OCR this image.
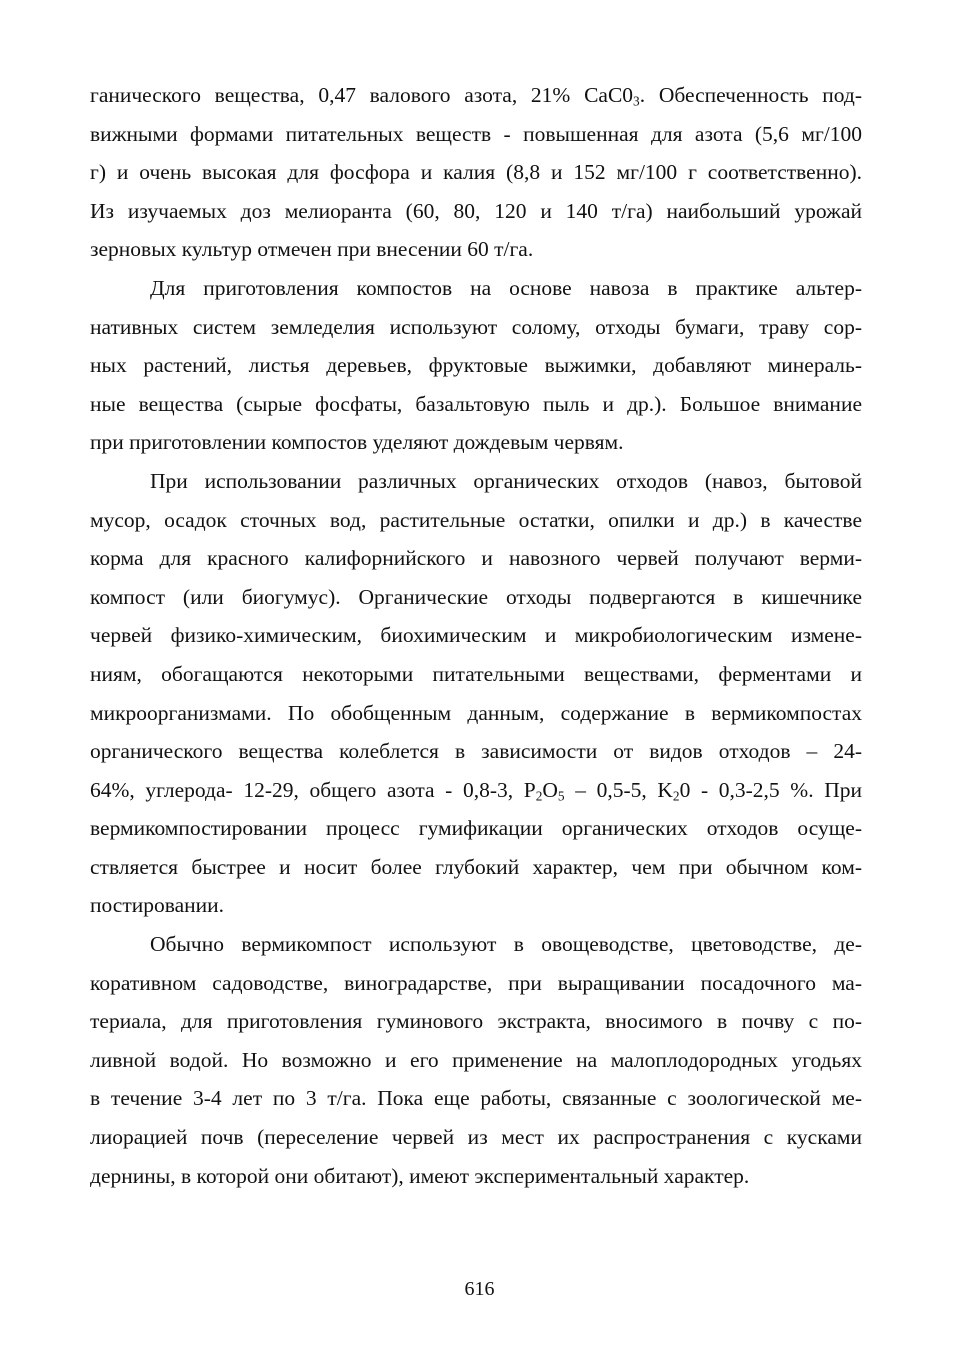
ганического вещества, 0,47 валового азота, 21% $CaC0_3$. Обеспеченность под-
вижными формами питательных веществ - повышенная для азота (5,6 мг/100
г) и очень высокая для фосфора и калия (8,8 и 152 мг/100 г соответственно).
Из изучаемых доз мелиоранта (60, 80, 120 и 140 т/га) наибольший урожай
зерновых культур отмечен при внесении 60 т/га.
Для приготовления компостов на основе навоза в практике альтер-
нативных систем земледелия используют солому, отходы бумаги, траву сор-
ных растений, листья деревьев, фруктовые выжимки, добавляют минераль-
ные вещества (сырые фосфаты, базальтовую пыль и др.). Большое внимание
при приготовлении компостов уделяют дождевым червям.
При использовании различных органических отходов (навоз, бытовой
мусор, осадок сточных вод, растительные остатки, опилки и др.) в качестве
корма для красного калифорнийского и навозного червей получают верми-
компост (или биогумус). Органические отходы подвергаются в кишечнике
червей физико-химическим, биохимическим и микробиологическим измене-
ниям, обогащаются некоторыми питательными веществами, ферментами и
микроорганизмами. По обобщенным данным, содержание в вермикомпостах
органического вещества колеблется в зависимости от видов отходов – 24-
64%, углерода- 12-29, общего азота - 0,8-3, $P_2O_5 - 0,5-5$, $K_20 - 0,3-2,5$ %. При
вермикомпостировании процесс гумификации органических отходов осуще-
ствляется быстрее и носит более глубокий характер, чем при обычном ком-
постировании.
Обычно вермикомпост используют в овощеводстве, цветоводстве, де-
коративном садоводстве, виноградарстве, при выращивании посадочного ма-
териала, для приготовления гуминового экстракта, вносимого в почву с по-
ливной водой. Но возможно и его применение на малоплодородных угодьях
в течение 3-4 лет по 3 т/га. Пока еще работы, связанные с зоологической ме-
лиорацией почв (переселение червей из мест их распространения с кусками
дернины, в которой они обитают), имеют экспериментальный характер.
616
